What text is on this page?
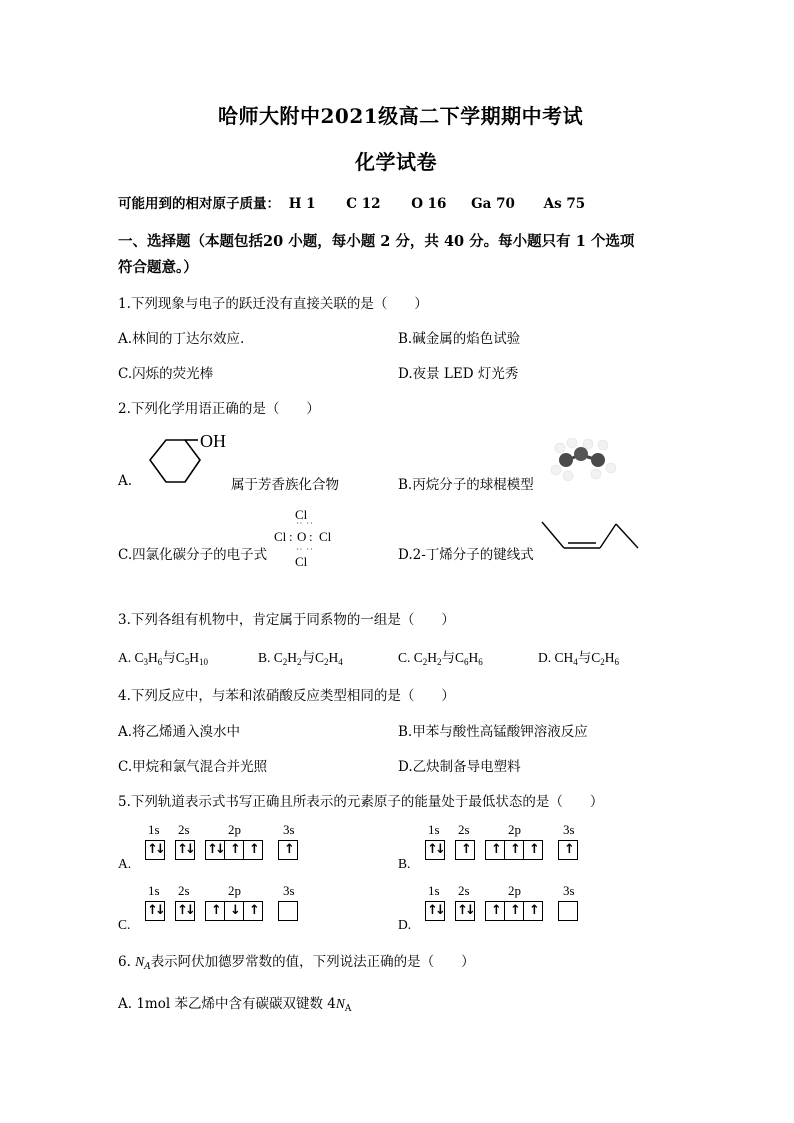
哈师大附中2021级高二下学期期中考试
化学试卷
可能用到的相对原子质量： H 1 C 12 O 16 Ga 70 As 75
一、选择题（本题包括20 小题，每小题 2 分，共 40 分。每小题只有 1 个选项
符合题意。）
1.下列现象与电子的跃迁没有直接关联的是（　　）
A.林间的丁达尔效应.	B.碱金属的焰色试验
C.闪烁的荧光棒	D.夜景 LED 灯光秀
2.下列化学用语正确的是（　　）
A.
OH
属于芳香族化合物	B.丙烷分子的球棍模型
C.四氯化碳分子的电子式
Cl
·· ··
Cl : O : Cl
·· ··
Cl	D.2-丁烯分子的键线式
3.下列各组有机物中，肯定属于同系物的一组是（　　）
A. $C_3H_6$与$C_5H_{10}$	B. $C_2H_2$与$C_2H_4$	C. $C_2H_2$与$C_6H_6$	D. $CH_4$与$C_2H_6$
4.下列反应中，与苯和浓硝酸反应类型相同的是（　　）
A.将乙烯通入溴水中	B.甲苯与酸性高锰酸钾溶液反应
C.甲烷和氯气混合并光照	D.乙炔制备导电塑料
5.下列轨道表示式书写正确且所表示的元素原子的能量处于最低状态的是（　　）
A.
1s 2s	2p	3s
↑↓ ↑↓ ↑↓ ↑ ↑	↑
B.
1s 2s	2p	3s
↑↓	↑	↑ ↑ ↑	↑
C.
1s 2s	2p	3s
↑↓ ↑↓	↑ ↓ ↑
D.
1s 2s	2p	3s
↑↓ ↑↓	↑ ↑ ↑
6. $N_A$表示阿伏加德罗常数的值，下列说法正确的是（　　）
A. 1mol 苯乙烯中含有碳碳双键数 $4N_A$
